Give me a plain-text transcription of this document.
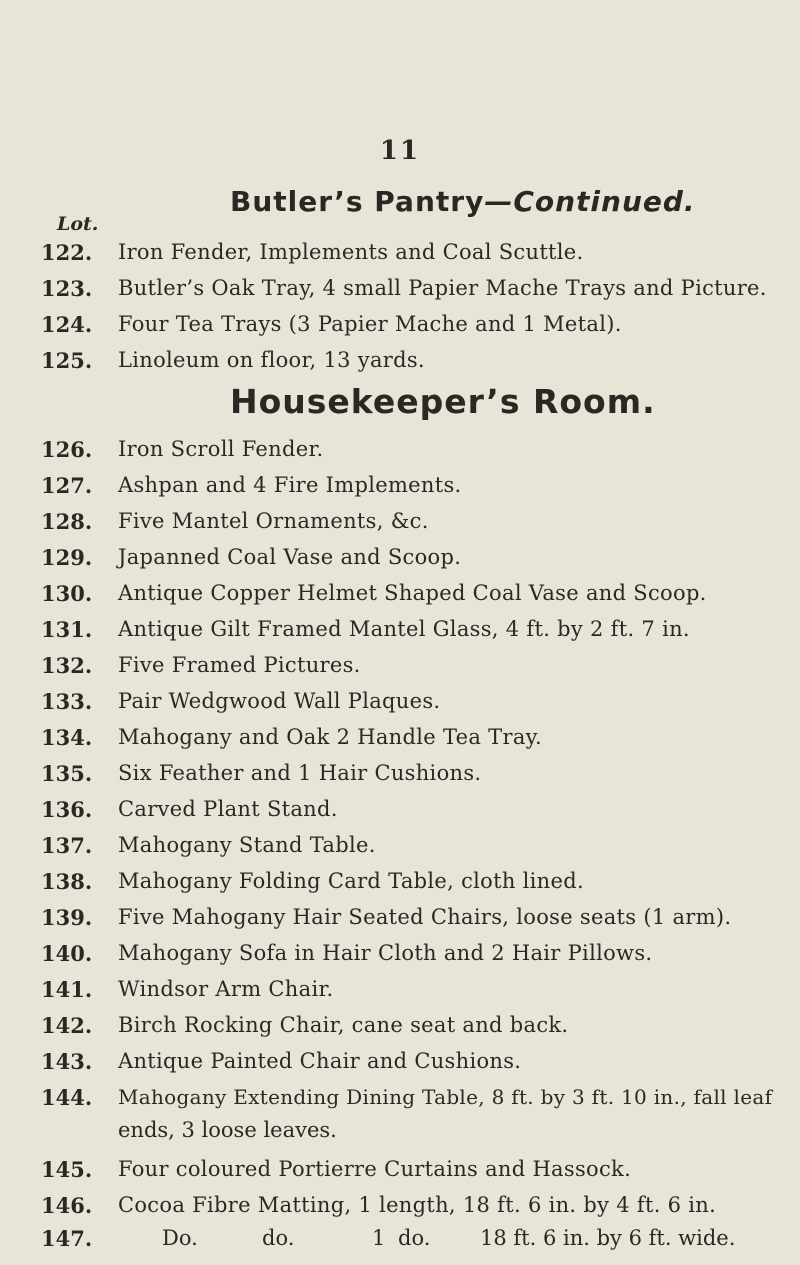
11
Butler’s Pantry—Continued.
Lot.
122.	Iron Fender, Implements and Coal Scuttle.
123.	Butler’s Oak Tray, 4 small Papier Mache Trays and Picture.
124.	Four Tea Trays (3 Papier Mache and 1 Metal).
125.	Linoleum on floor, 13 yards.
Housekeeper’s Room.
126.	Iron Scroll Fender.
127.	Ashpan and 4 Fire Implements.
128.	Five Mantel Ornaments, &c.
129.	Japanned Coal Vase and Scoop.
130.	Antique Copper Helmet Shaped Coal Vase and Scoop.
131.	Antique Gilt Framed Mantel Glass, 4 ft. by 2 ft. 7 in.
132.	Five Framed Pictures.
133.	Pair Wedgwood Wall Plaques.
134.	Mahogany and Oak 2 Handle Tea Tray.
135.	Six Feather and 1 Hair Cushions.
136.	Carved Plant Stand.
137.	Mahogany Stand Table.
138.	Mahogany Folding Card Table, cloth lined.
139.	Five Mahogany Hair Seated Chairs, loose seats (1 arm).
140.	Mahogany Sofa in Hair Cloth and 2 Hair Pillows.
141.	Windsor Arm Chair.
142.	Birch Rocking Chair, cane seat and back.
143.	Antique Painted Chair and Cushions.
144.	Mahogany Extending Dining Table, 8 ft. by 3 ft. 10 in., fall leaf
ends, 3 loose leaves.
145.	Four coloured Portierre Curtains and Hassock.
146.	Cocoa Fibre Matting, 1 length, 18 ft. 6 in. by 4 ft. 6 in.
147.	Do.	do.	1 do. 18 ft. 6 in. by 6 ft. wide.
